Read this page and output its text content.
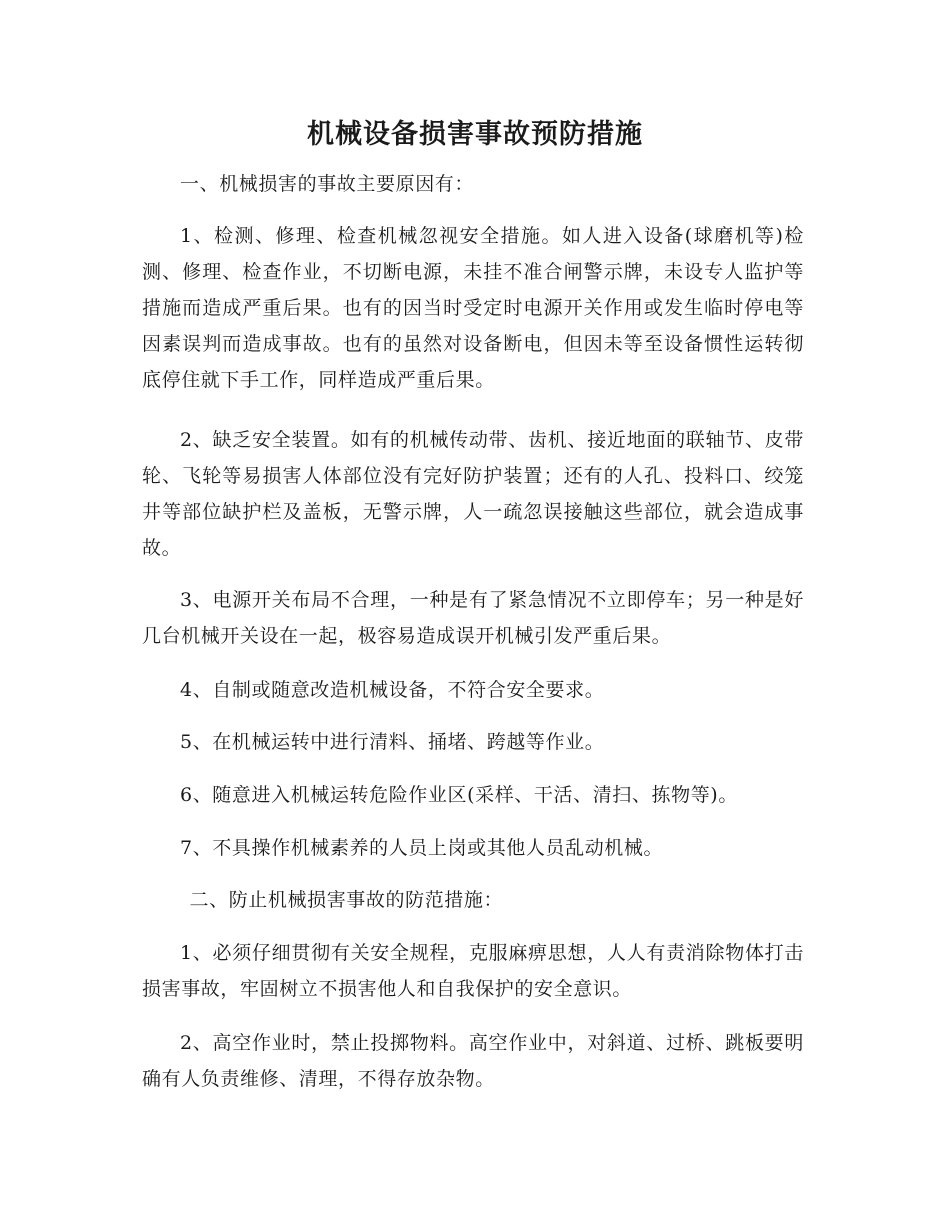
机械设备损害事故预防措施

一、机械损害的事故主要原因有：

1、检测、修理、检查机械忽视安全措施。如人进入设备(球磨机等)检测、修理、检查作业，不切断电源，未挂不准合闸警示牌，未设专人监护等措施而造成严重后果。也有的因当时受定时电源开关作用或发生临时停电等因素误判而造成事故。也有的虽然对设备断电，但因未等至设备惯性运转彻底停住就下手工作，同样造成严重后果。

2、缺乏安全装置。如有的机械传动带、齿机、接近地面的联轴节、皮带轮、飞轮等易损害人体部位没有完好防护装置；还有的人孔、投料口、绞笼井等部位缺护栏及盖板，无警示牌，人一疏忽误接触这些部位，就会造成事故。

3、电源开关布局不合理，一种是有了紧急情况不立即停车；另一种是好几台机械开关设在一起，极容易造成误开机械引发严重后果。

4、自制或随意改造机械设备，不符合安全要求。

5、在机械运转中进行清料、捅堵、跨越等作业。

6、随意进入机械运转危险作业区(采样、干活、清扫、拣物等)。

7、不具操作机械素养的人员上岗或其他人员乱动机械。

二、防止机械损害事故的防范措施：

1、必须仔细贯彻有关安全规程，克服麻痹思想，人人有责消除物体打击损害事故，牢固树立不损害他人和自我保护的安全意识。

2、高空作业时，禁止投掷物料。高空作业中，对斜道、过桥、跳板要明确有人负责维修、清理，不得存放杂物。
